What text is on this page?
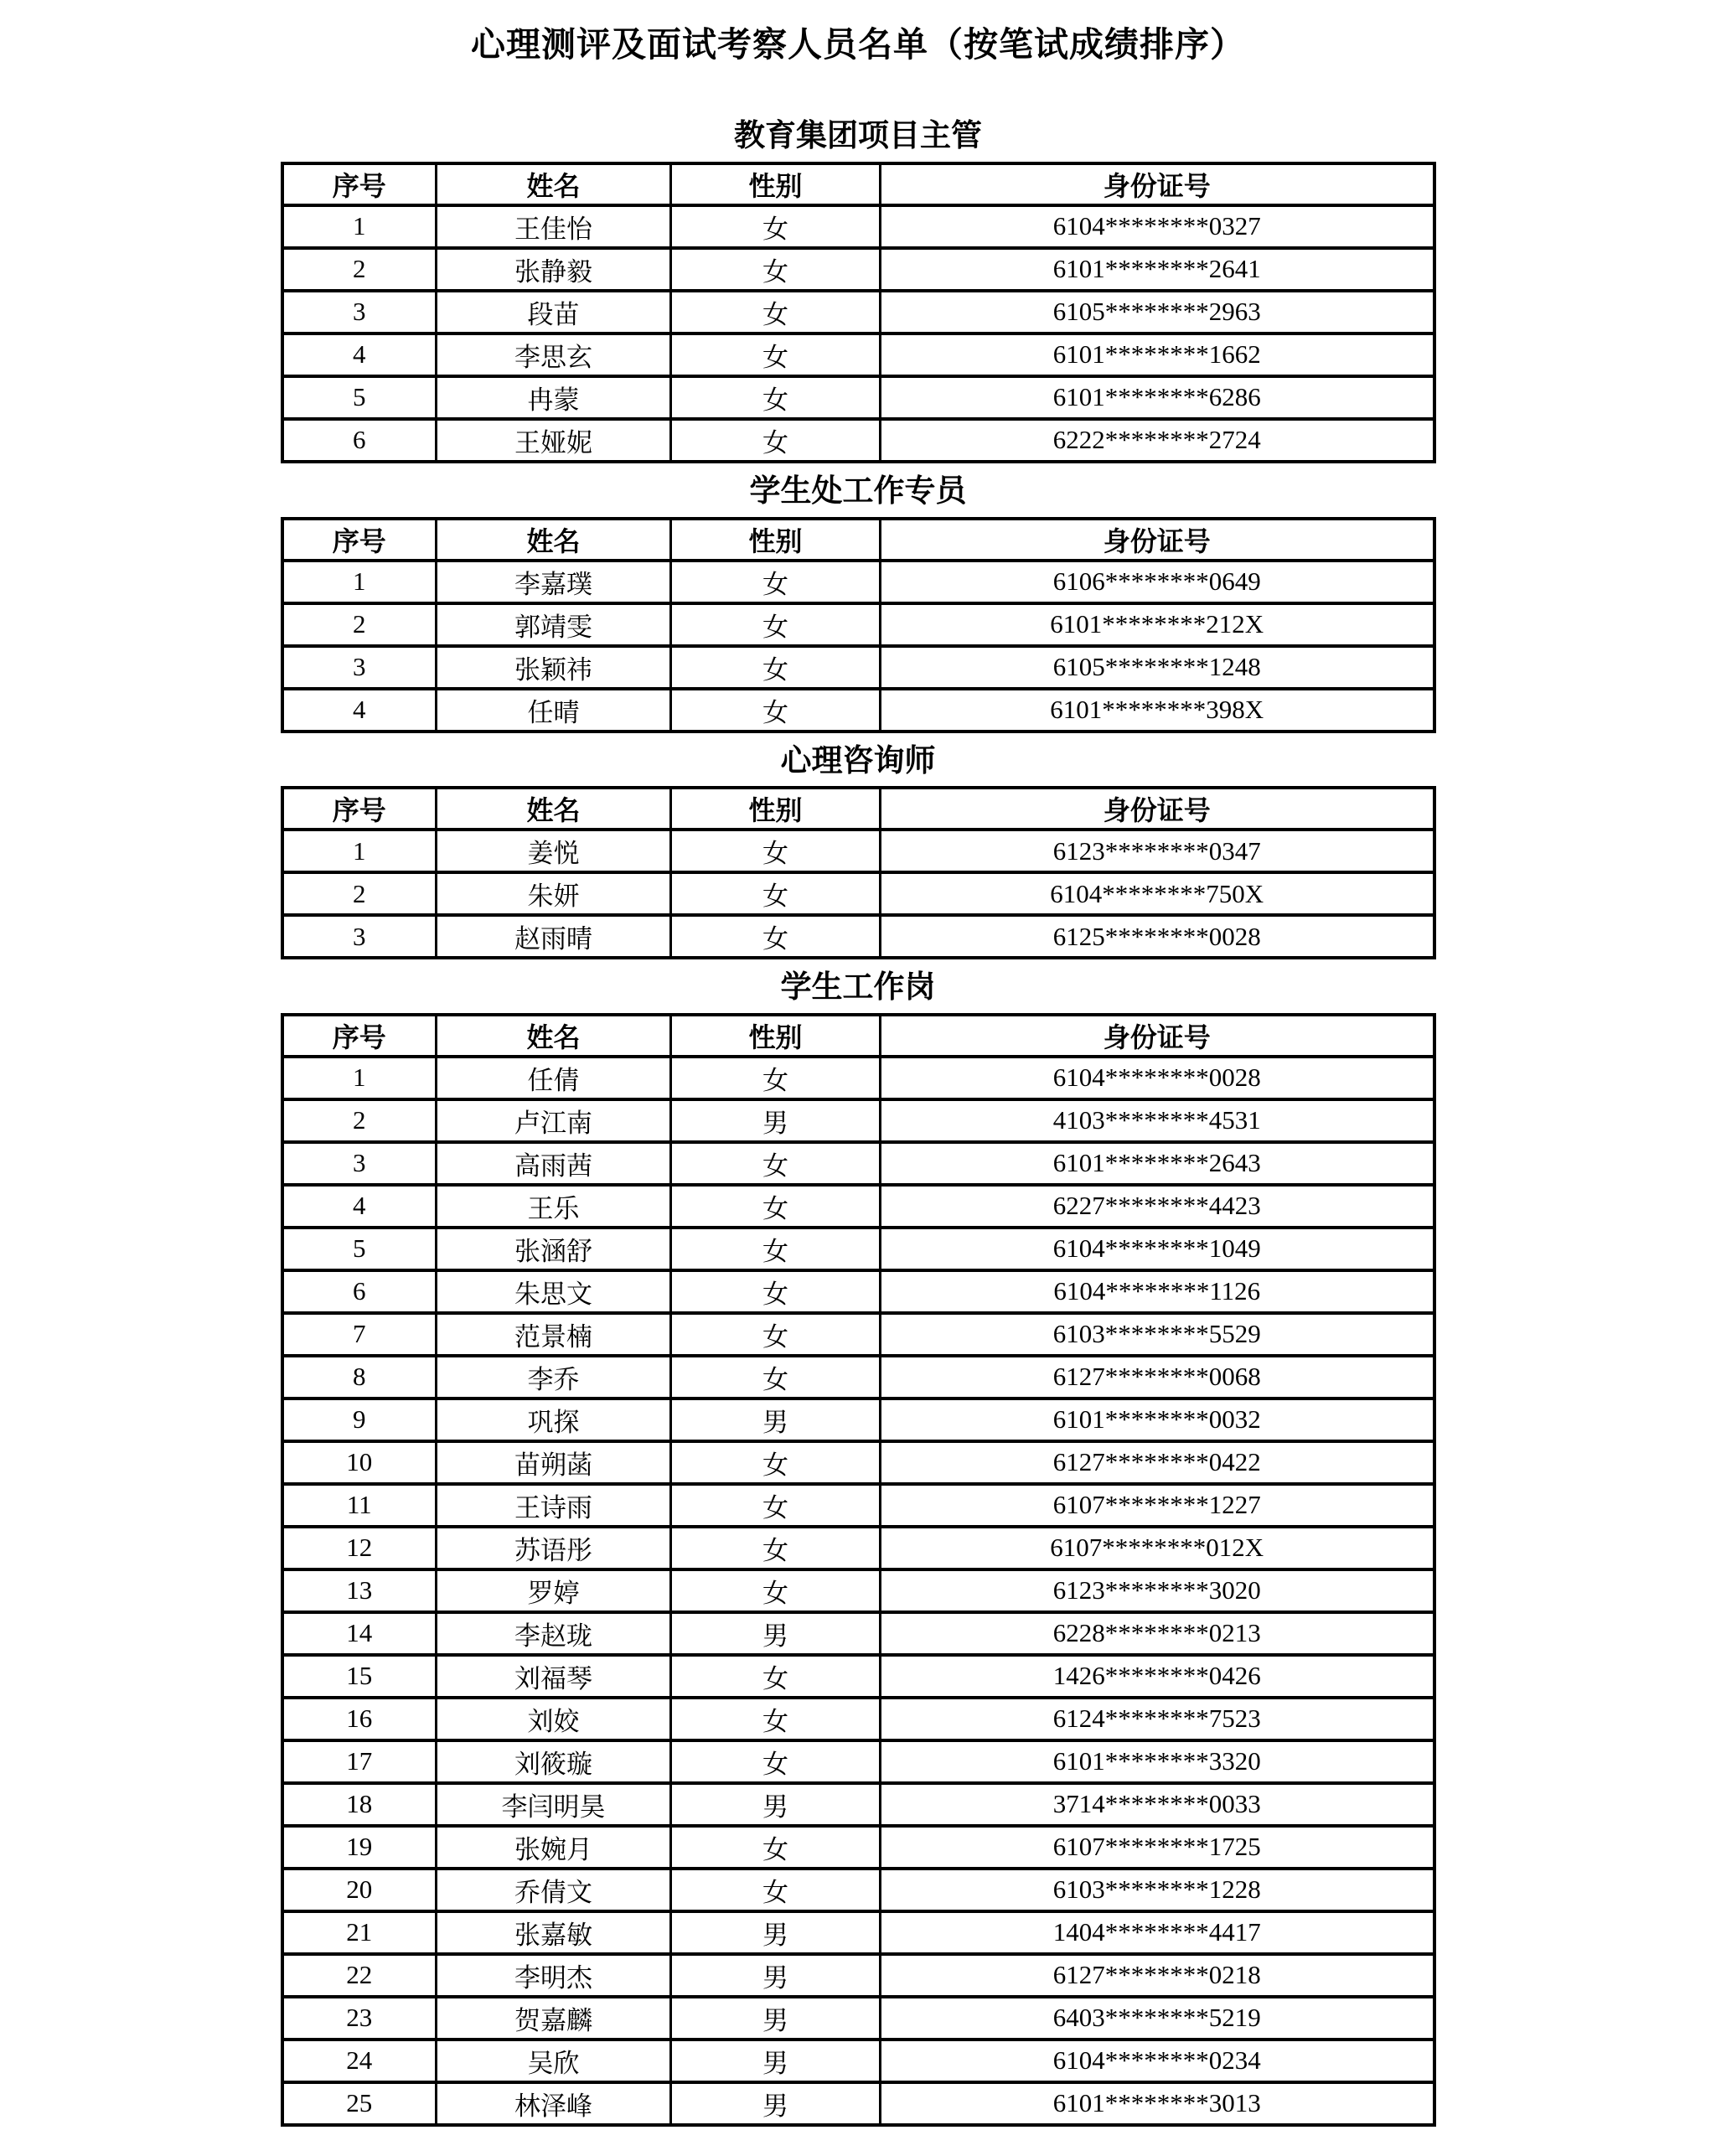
心理测评及面试考察人员名单（按笔试成绩排序）
教育集团项目主管
序号	姓名	性别	身份证号
1	王佳怡	女	6104********0327
2	张静毅	女	6101********2641
3	段苗	女	6105********2963
4	李思玄	女	6101********1662
5	冉蒙	女	6101********6286
6	王娅妮	女	6222********2724
学生处工作专员
序号	姓名	性别	身份证号
1	李嘉璞	女	6106********0649
2	郭靖雯	女	6101********212X
3	张颖祎	女	6105********1248
4	任晴	女	6101********398X
心理咨询师
序号	姓名	性别	身份证号
1	姜悦	女	6123********0347
2	朱妍	女	6104********750X
3	赵雨晴	女	6125********0028
学生工作岗
序号	姓名	性别	身份证号
1	任倩	女	6104********0028
2	卢江南	男	4103********4531
3	高雨茜	女	6101********2643
4	王乐	女	6227********4423
5	张涵舒	女	6104********1049
6	朱思文	女	6104********1126
7	范景楠	女	6103********5529
8	李乔	女	6127********0068
9	巩探	男	6101********0032
10	苗朔菡	女	6127********0422
11	王诗雨	女	6107********1227
12	苏语彤	女	6107********012X
13	罗婷	女	6123********3020
14	李赵珑	男	6228********0213
15	刘福琴	女	1426********0426
16	刘姣	女	6124********7523
17	刘筱璇	女	6101********3320
18	李闫明昊	男	3714********0033
19	张婉月	女	6107********1725
20	乔倩文	女	6103********1228
21	张嘉敏	男	1404********4417
22	李明杰	男	6127********0218
23	贺嘉麟	男	6403********5219
24	吴欣	男	6104********0234
25	林泽峰	男	6101********3013
